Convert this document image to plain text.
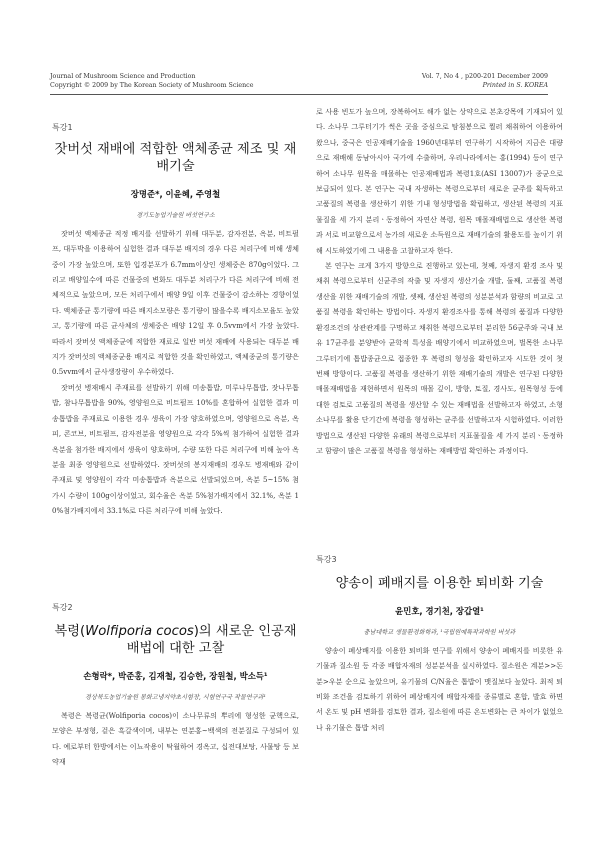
Journal of Mushroom Science and Production
Copyright © 2009 by The Korean Society of Mushroom Science
Vol. 7, No 4 , p200-201 December 2009
Printed in S. KOREA
특강1
잣버섯 재배에 적합한 액체종균 제조 및 재배기술
장명준*, 이윤혜, 주영철
경기도농업기술원 버섯연구소

잣버섯 액체종균 적정 배지를 선발하기 위해 대두분, 감자전분, 옥분, 비트펄프, 대두박을 이용하여 실험한 결과 대두분 배지의 경우 다른 처리구에 비해 생체중이 가장 높았으며, 또한 입경분포가 6.7mm이상인 생체중은 870g이었다. 그리고 배양일수에 따른 건물중의 변화도 대두분 처리구가 다른 처리구에 비해 전체적으로 높았으며, 모든 처리구에서 배양 9일 이후 건물중이 감소하는 경향이었다. 액체종균 통기량에 따른 배지소모량은 통기량이 많을수록 배지소모율도 높았고, 통기량에 따른 균사체의 생체중은 배양 12일 후 0.5vvm에서 가장 높았다. 따라서 잣버섯 액체종균에 적합한 재료로 일반 버섯 재배에 사용되는 대두분 배지가 잣버섯의 액체종균용 배지로 적합한 것을 확인하였고, 액체종균의 통기량은 0.5vvm에서 균사생장량이 우수하였다.

잣버섯 병재배시 주재료를 선발하기 위해 미송톱밥, 미루나무톱밥, 잣나무톱밥, 참나무톱밥을 90%, 영양원으로 비트펄프 10%를 혼합하여 실험한 결과 미송톱밥을 주재료로 이용한 경우 생육이 가장 양호하였으며, 영양원으로 옥분, 옥피, 콘코브, 비트펄프, 감자전분을 영양원으로 각각 5%씩 첨가하여 실험한 결과 옥분을 첨가한 배지에서 생육이 양호하며, 수량 또한 다른 처리구에 비해 높아 옥분을 최종 영양원으로 선발하였다. 잣버섯의 봉지재배의 경우도 병재배와 같이 주재료 및 영양원이 각각 미송톱밥과 옥분으로 선발되었으며, 옥분 5~15% 첨가시 수량이 100g이상이었고, 회수율은 옥분 5%첨가배지에서 32.1%, 옥분 10%첨가배지에서 33.1%로 다른 처리구에 비해 높았다.

특강2
복령(Wolfiporia cocos)의 새로운 인공재배법에 대한 고찰
손형락*, 박준홍, 김재철, 김승한, 장원철, 박소득¹
경상북도농업기술원 봉화고냉지약초시험장, 시험연구국 작물연구과¹

복령은 복령균(Wolfiporia cocos)이 소나무류의 뿌리에 형성한 균핵으로, 모양은 부정형, 겉은 흑갈색이며, 내부는 연분홍~백색의 전분질로 구성되어 있다. 예로부터 한방에서는 이뇨작용이 탁월하여 경옥고, 십전대보탕, 사물탕 등 보약재

로 사용 빈도가 높으며, 장복하여도 해가 없는 상약으로 본초강목에 기재되어 있다. 소나무 그루터기가 썩은 곳을 중심으로 탐침봉으로 찔러 채취하여 이용하여 왔으나, 중국은 인공재배기술을 1960년대부터 연구하기 시작하여 지금은 대량으로 재배해 동남아시아 국가에 수출하며, 우리나라에서는 홍(1994) 등이 연구하여 소나무 원목을 매몰하는 인공재배법과 복령1호(ASI 13007)가 종균으로 보급되어 있다. 본 연구는 국내 자생하는 복령으로부터 새로운 균주를 획득하고 고품질의 복령을 생산하기 위한 기내 형성방법을 확립하고, 생산된 복령의 지표물질을 세 가지 분리ㆍ동정하여 자연산 복령, 원목 매몰재배법으로 생산한 복령과 서로 비교함으로서 농가의 새로운 소득원으로 재배기술의 활용도를 높이기 위해 시도하였기에 그 내용을 고찰하고자 한다.

본 연구는 크게 3가지 방향으로 진행하고 있는데, 첫째, 자생지 환경 조사 및 채취 복령으로부터 신균주의 작출 및 자생지 생산기술 개발, 둘째, 고품질 복령 생산을 위한 재배기술의 개발, 셋째, 생산된 복령의 성분분석과 함량의 비교로 고품질 복령을 확인하는 방법이다. 자생지 환경조사를 통해 복령의 품질과 다양한 환경조건의 상관관계를 구명하고 채취한 복령으로부터 분리한 56균주와 국내 보유 17균주를 분양받아 균학적 특성을 배양기에서 비교하였으며, 벌목한 소나무 그루터기에 톱밥종균으로 접종한 후 복령의 형성을 확인하고자 시도한 것이 첫 번째 방향이다. 고품질 복령을 생산하기 위한 재배기술의 개발은 연구된 다양한 매몰재배법을 재현하면서 원목의 매몰 깊이, 방향, 토질, 경사도, 원목형성 등에 대한 검토로 고품질의 복령을 생산할 수 있는 재배법을 선발하고자 하였고, 소형 소나무를 활용 단기간에 복령을 형성하는 균주를 선발하고자 시험하였다. 이러한 방법으로 생산된 다양한 유래의 복령으로부터 지표물질을 세 가지 분리ㆍ동정하고 함량이 많은 고품질 복령을 형성하는 재배방법 확인하는 과정이다.

특강3
양송이 폐배지를 이용한 퇴비화 기술
윤민호, 경기천, 장갑열¹
충남대학교 생물환경화학과, ¹국립원예특작과학원 버섯과

양송이 폐상배지를 이용한 퇴비화 연구를 위해서 양송이 폐배지를 비롯한 유기물과 질소원 등 각종 배합자재의 성분분석을 실시하였다. 질소원은 계분>>돈분>우분 순으로 높았으며, 유기물의 C/N율은 톱밥이 맷질보다 높았다. 최적 퇴비화 조건을 검토하기 위하여 폐상배지에 배합자재를 종류별로 혼합, 발효 하면서 온도 및 pH 변화를 검토한 결과, 질소원에 따른 온도변화는 큰 차이가 없었으나 유기물은 톱밥 처리
